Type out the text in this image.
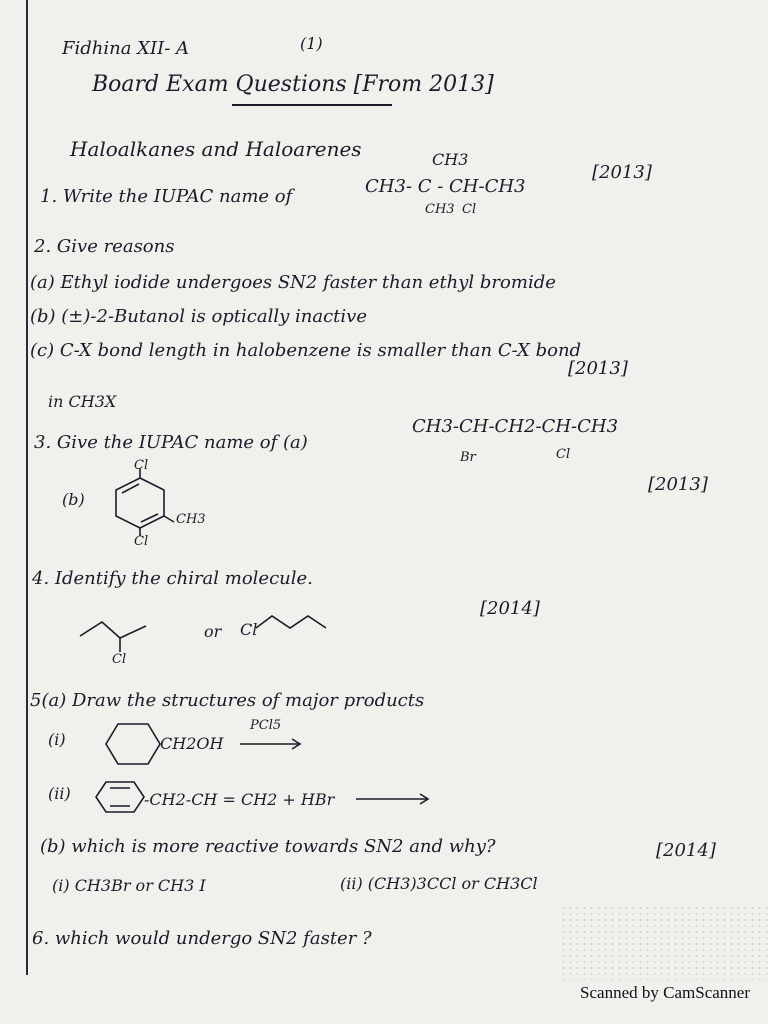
Fidhina XII- A	(1)
Board Exam Questions [From 2013]
Haloalkanes and Haloarenes	CH3
1. Write the IUPAC name of	CH3- C - CH-CH3
CH3 Cl
[2013]
2. Give reasons
(a) Ethyl iodide undergoes SN2 faster than ethyl bromide
(b) (±)-2-Butanol is optically inactive
(c) C-X bond length in halobenzene is smaller than C-X bond
[2013]
in CH3X
3. Give the IUPAC name of (a)
CH3-CH-CH2-CH-CH3
Br	Cl
[2013]
(b)
Cl
CH3
Cl
4. Identify the chiral molecule.
[2014]
Cl
or Cl
5(a) Draw the structures of major products
(i)	CH2OH
PCl5
(ii)	-CH2-CH = CH2 + HBr
(b) which is more reactive towards SN2 and why?	[2014]
(i) CH3Br or CH3 I	(ii) (CH3)3CCl or CH3Cl
6. which would undergo SN2 faster ?
Scanned by CamScanner
